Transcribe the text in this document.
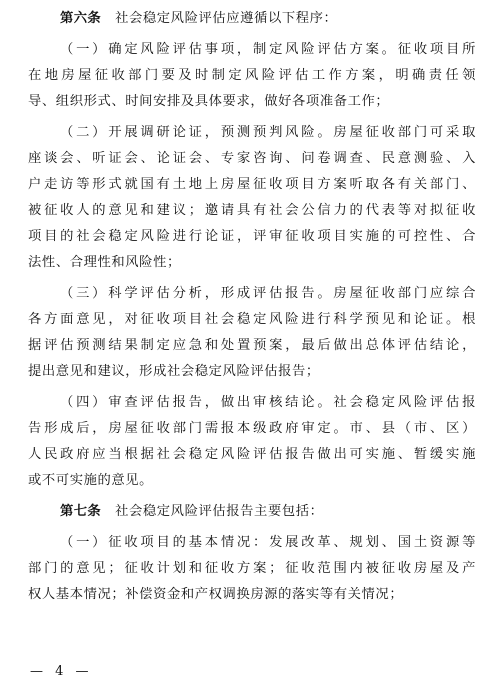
第六条 社会稳定风险评估应遵循以下程序：
（一）确定风险评估事项，制定风险评估方案。征收项目所
在地房屋征收部门要及时制定风险评估工作方案，明确责任领
导、组织形式、时间安排及具体要求，做好各项准备工作；
（二）开展调研论证，预测预判风险。房屋征收部门可采取
座谈会、听证会、论证会、专家咨询、问卷调查、民意测验、入
户走访等形式就国有土地上房屋征收项目方案听取各有关部门、
被征收人的意见和建议；邀请具有社会公信力的代表等对拟征收
项目的社会稳定风险进行论证，评审征收项目实施的可控性、合
法性、合理性和风险性；
（三）科学评估分析，形成评估报告。房屋征收部门应综合
各方面意见，对征收项目社会稳定风险进行科学预见和论证。根
据评估预测结果制定应急和处置预案，最后做出总体评估结论，
提出意见和建议，形成社会稳定风险评估报告；
（四）审查评估报告，做出审核结论。社会稳定风险评估报
告形成后，房屋征收部门需报本级政府审定。市、县（市、区）
人民政府应当根据社会稳定风险评估报告做出可实施、暂缓实施
或不可实施的意见。
第七条 社会稳定风险评估报告主要包括：
（一）征收项目的基本情况：发展改革、规划、国土资源等
部门的意见；征收计划和征收方案；征收范围内被征收房屋及产
权人基本情况；补偿资金和产权调换房源的落实等有关情况；
— 4 —
